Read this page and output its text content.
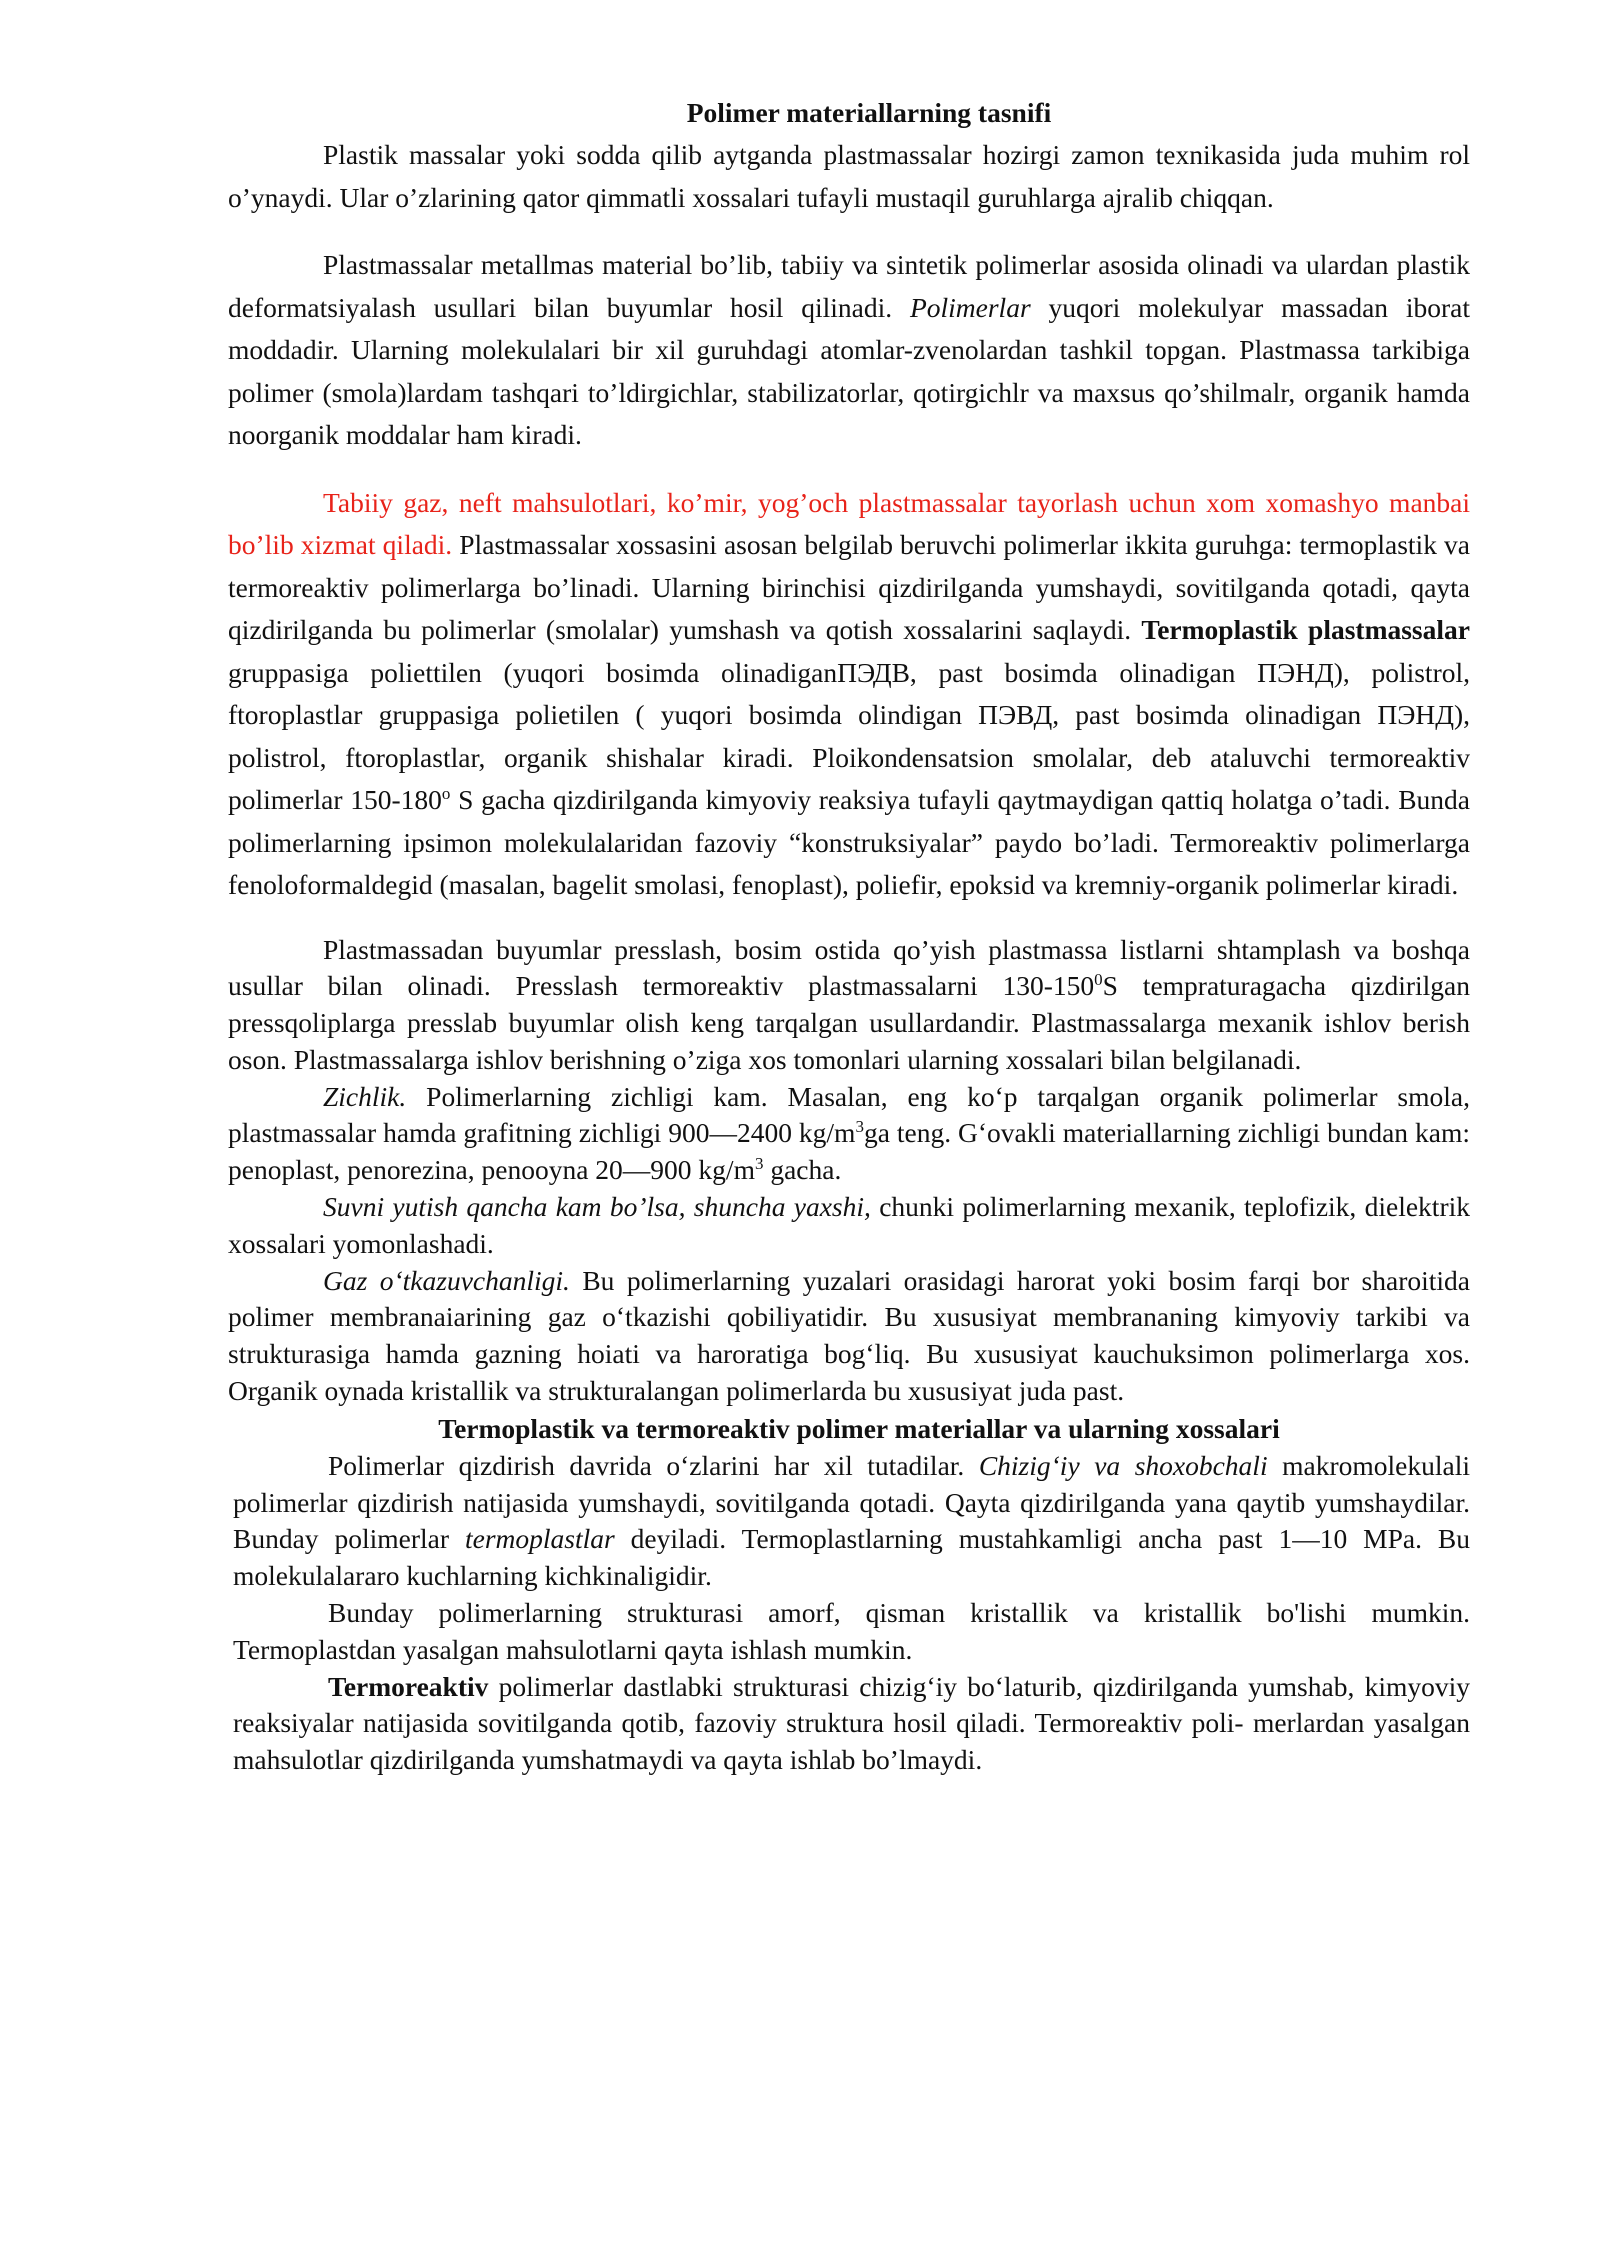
Polimer materiallarning tasnifi

Plastik massalar yoki sodda qilib aytganda plastmassalar hozirgi zamon texnikasida juda muhim rol o’ynaydi. Ular o’zlarining qator qimmatli xossalari tufayli mustaqil guruhlarga ajralib chiqqan.

Plastmassalar metallmas material bo’lib, tabiiy va sintetik polimerlar asosida olinadi va ulardan plastik deformatsiyalash usullari bilan buyumlar hosil qilinadi. Polimerlar yuqori molekulyar massadan iborat moddadir. Ularning molekulalari bir xil guruhdagi atomlar-zvenolardan tashkil topgan. Plastmassa tarkibiga polimer (smola)lardam tashqari to’ldirgichlar, stabilizatorlar, qotirgichlr va maxsus qo’shilmalr, organik hamda noorganik moddalar ham kiradi.

Tabiiy gaz, neft mahsulotlari, ko’mir, yog’och plastmassalar tayorlash uchun xom xomashyo manbai bo’lib xizmat qiladi. Plastmassalar xossasini asosan belgilab beruvchi polimerlar ikkita guruhga: termoplastik va termoreaktiv polimerlarga bo’linadi. Ularning birinchisi qizdirilganda yumshaydi, sovitilganda qotadi, qayta qizdirilganda bu polimerlar (smolalar) yumshash va qotish xossalarini saqlaydi. Termoplastik plastmassalar gruppasiga poliettilen (yuqori bosimda olinadiganПЭДВ, past bosimda olinadigan ПЭНД), polistrol, ftoroplastlar gruppasiga polietilen ( yuqori bosimda olindigan ПЭВД, past bosimda olinadigan ПЭНД), polistrol, ftoroplastlar, organik shishalar kiradi. Ploikondensatsion smolalar, deb ataluvchi termoreaktiv polimerlar 150-180$^o$ S gacha qizdirilganda kimyoviy reaksiya tufayli qaytmaydigan qattiq holatga o’tadi. Bunda polimerlarning ipsimon molekulalaridan fazoviy “konstruksiyalar” paydo bo’ladi. Termoreaktiv polimerlarga fenoloformaldegid (masalan, bagelit smolasi, fenoplast), poliefir, epoksid va kremniy-organik polimerlar kiradi.

Plastmassadan buyumlar presslash, bosim ostida qo’yish plastmassa listlarni shtamplash va boshqa usullar bilan olinadi. Presslash termoreaktiv plastmassalarni $130-150^0S$ tempraturagacha qizdirilgan pressqoliplarga presslab buyumlar olish keng tarqalgan usullardandir. Plastmassalarga mexanik ishlov berish oson. Plastmassalarga ishlov berishning o’ziga xos tomonlari ularning xossalari bilan belgilanadi.

Zichlik. Polimerlarning zichligi kam. Masalan, eng ko‘p tarqalgan organik polimerlar smola, plastmassalar hamda grafitning zichligi 900—2400 $kg/m^3ga$ teng. G‘ovakli materiallarning zichligi bundan kam: penoplast, penorezina, penooyna 20—900 $kg/m^3$ gacha.

Suvni yutish qancha kam bo’lsa, shuncha yaxshi, chunki polimerlarning mexanik, teplofizik, dielektrik xossalari yomonlashadi.

Gaz o‘tkazuvchanligi. Bu polimerlarning yuzalari orasidagi harorat yoki bosim farqi bor sharoitida polimer membranaiarining gaz o‘tkazishi qobiliyatidir. Bu xususiyat membrananing kimyoviy tarkibi va strukturasiga hamda gazning hoiati va haroratiga bog‘liq. Bu xususiyat kauchuksimon polimerlarga xos. Organik oynada kristallik va strukturalangan polimerlarda bu xususiyat juda past.

Termoplastik va termoreaktiv polimer materiallar va ularning xossalari

Polimerlar qizdirish davrida o‘zlarini har xil tutadilar. Chizig‘iy va shoxobchali makromolekulali polimerlar qizdirish natijasida yumshaydi, sovitilganda qotadi. Qayta qizdirilganda yana qaytib yumshaydilar. Bunday polimerlar termoplastlar deyiladi. Termoplastlarning mustahkamligi ancha past 1—10 MPa. Bu molekulalararo kuchlarning kichkinaligidir.

Bunday polimerlarning strukturasi amorf, qisman kristallik va kristallik bo'lishi mumkin. Termoplastdan yasalgan mahsulotlarni qayta ishlash mumkin.

Termoreaktiv polimerlar dastlabki strukturasi chizig‘iy bo‘laturib, qizdirilganda yumshab, kimyoviy reaksiyalar natijasida sovitilganda qotib, fazoviy struktura hosil qiladi. Termoreaktiv poli- merlardan yasalgan mahsulotlar qizdirilganda yumshatmaydi va qayta ishlab bo’lmaydi.
